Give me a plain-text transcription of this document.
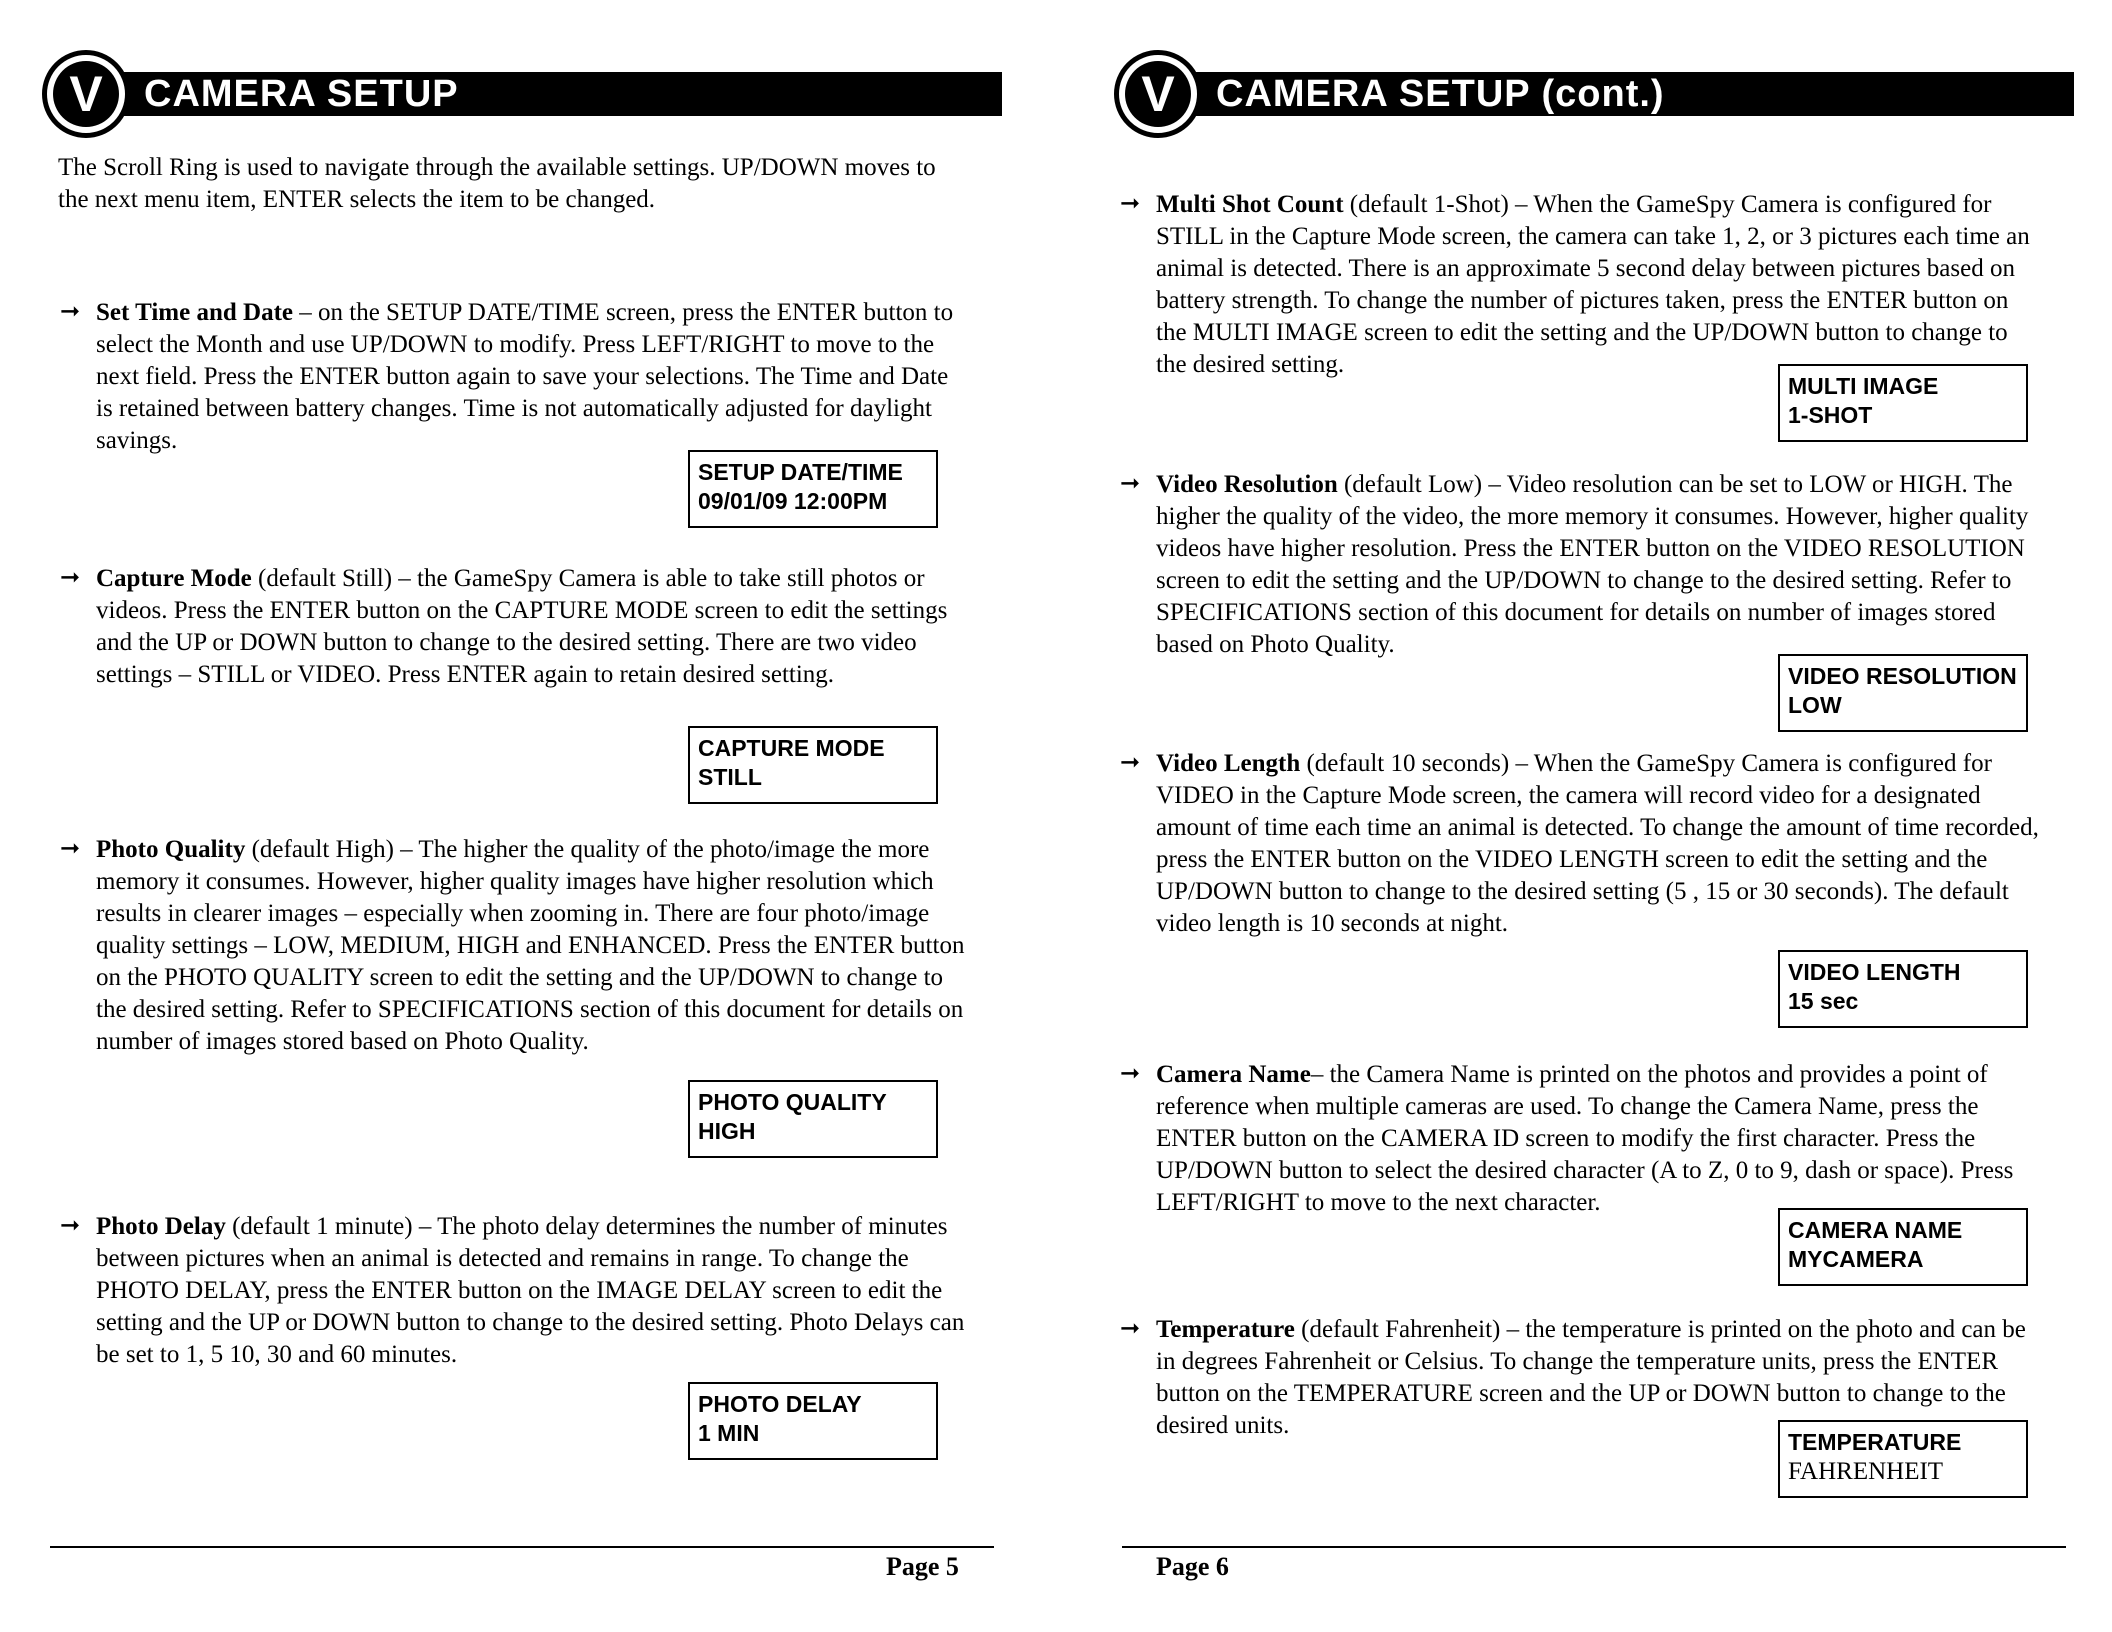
V	CAMERA SETUP
The Scroll Ring is used to navigate through the available settings. UP/DOWN moves to the next menu item, ENTER selects the item to be changed.
➞ Set Time and Date – on the SETUP DATE/TIME screen, press the ENTER button to select the Month and use UP/DOWN to modify. Press LEFT/RIGHT to move to the next field. Press the ENTER button again to save your selections. The Time and Date is retained between battery changes. Time is not automatically adjusted for daylight savings.
SETUP DATE/TIME
09/01/09 12:00PM
➞ Capture Mode (default Still) – the GameSpy Camera is able to take still photos or videos. Press the ENTER button on the CAPTURE MODE screen to edit the settings and the UP or DOWN button to change to the desired setting. There are two video settings – STILL or VIDEO. Press ENTER again to retain desired setting.
CAPTURE MODE
STILL
➞ Photo Quality (default High) – The higher the quality of the photo/image the more memory it consumes. However, higher quality images have higher resolution which results in clearer images – especially when zooming in. There are four photo/image quality settings – LOW, MEDIUM, HIGH and ENHANCED. Press the ENTER button on the PHOTO QUALITY screen to edit the setting and the UP/DOWN to change to the desired setting. Refer to SPECIFICATIONS section of this document for details on number of images stored based on Photo Quality.
PHOTO QUALITY
HIGH
➞ Photo Delay (default 1 minute) – The photo delay determines the number of minutes between pictures when an animal is detected and remains in range. To change the PHOTO DELAY, press the ENTER button on the IMAGE DELAY screen to edit the setting and the UP or DOWN button to change to the desired setting. Photo Delays can be set to 1, 5 10, 30 and 60 minutes.
PHOTO DELAY
1 MIN
Page 5
V	CAMERA SETUP (cont.)
➞ Multi Shot Count (default 1-Shot) – When the GameSpy Camera is configured for STILL in the Capture Mode screen, the camera can take 1, 2, or 3 pictures each time an animal is detected. There is an approximate 5 second delay between pictures based on battery strength. To change the number of pictures taken, press the ENTER button on the MULTI IMAGE screen to edit the setting and the UP/DOWN button to change to the desired setting.
MULTI IMAGE
1-SHOT
➞ Video Resolution (default Low) – Video resolution can be set to LOW or HIGH. The higher the quality of the video, the more memory it consumes. However, higher quality videos have higher resolution. Press the ENTER button on the VIDEO RESOLUTION screen to edit the setting and the UP/DOWN to change to the desired setting. Refer to SPECIFICATIONS section of this document for details on number of images stored based on Photo Quality.
VIDEO RESOLUTION
LOW
➞ Video Length (default 10 seconds) – When the GameSpy Camera is configured for VIDEO in the Capture Mode screen, the camera will record video for a designated amount of time each time an animal is detected. To change the amount of time recorded, press the ENTER button on the VIDEO LENGTH screen to edit the setting and the UP/DOWN button to change to the desired setting (5 , 15 or 30 seconds). The default video length is 10 seconds at night.
VIDEO LENGTH
15 sec
➞ Camera Name– the Camera Name is printed on the photos and provides a point of reference when multiple cameras are used. To change the Camera Name, press the ENTER button on the CAMERA ID screen to modify the first character. Press the UP/DOWN button to select the desired character (A to Z, 0 to 9, dash or space). Press LEFT/RIGHT to move to the next character.
CAMERA NAME
MYCAMERA
➞ Temperature (default Fahrenheit) – the temperature is printed on the photo and can be in degrees Fahrenheit or Celsius. To change the temperature units, press the ENTER button on the TEMPERATURE screen and the UP or DOWN button to change to the desired units.
TEMPERATURE
FAHRENHEIT
Page 6
